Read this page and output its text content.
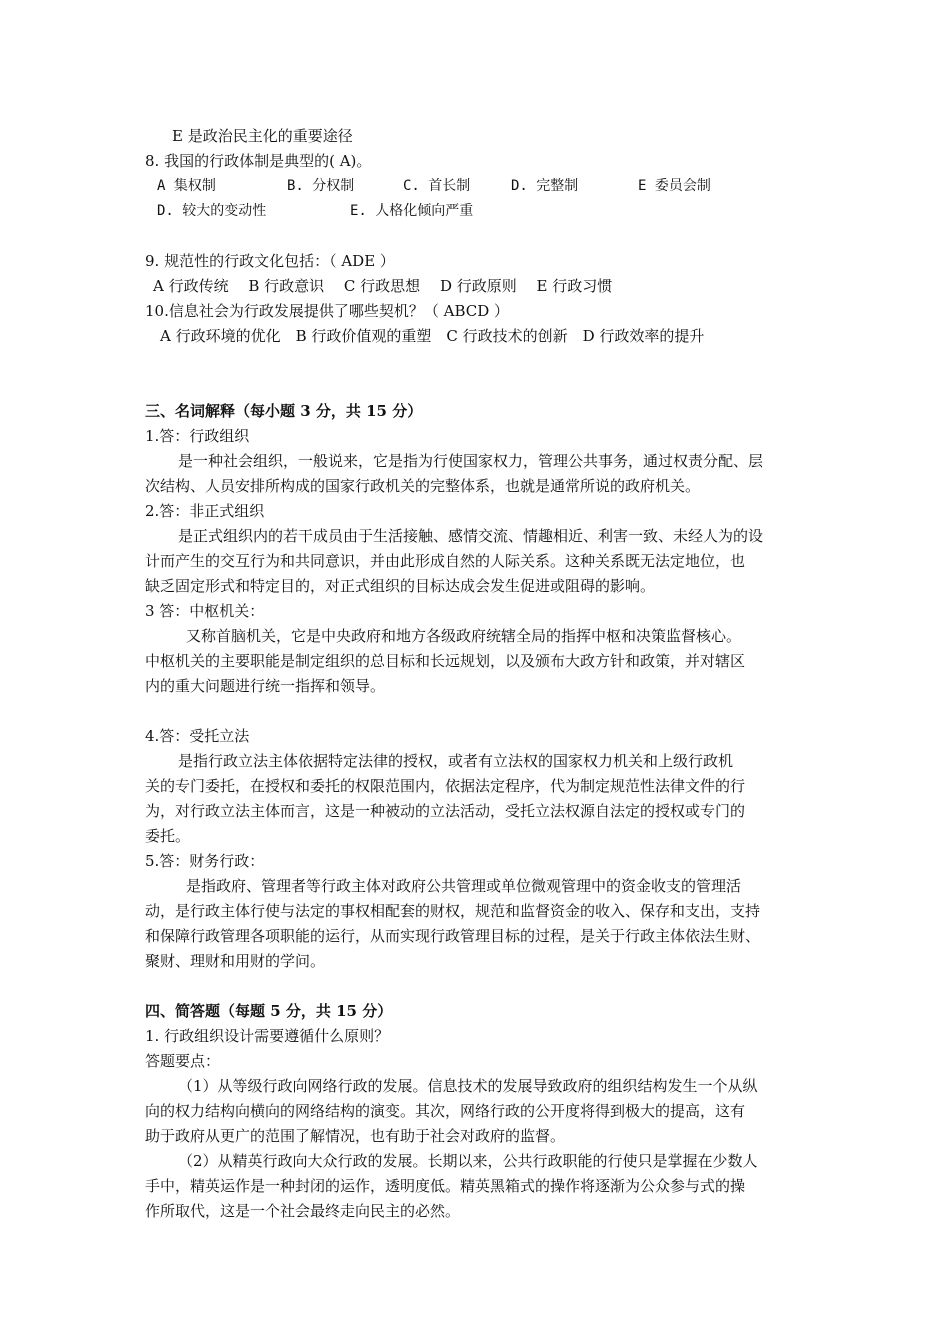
E 是政治民主化的重要途径
8. 我国的行政体制是典型的( A)。
A 集权制	B. 分权制	C. 首长制	D. 完整制	E 委员会制
D. 较大的变动性	E. 人格化倾向严重
9. 规范性的行政文化包括：（ ADE ）
A 行政传统　 B 行政意识　 C 行政思想　 D 行政原则　 E 行政习惯
10.信息社会为行政发展提供了哪些契机？（ ABCD ）
A 行政环境的优化　B 行政价值观的重塑　C 行政技术的创新　D 行政效率的提升
三、名词解释（每小题 3 分，共 15 分）
1.答：行政组织
是一种社会组织，一般说来，它是指为行使国家权力，管理公共事务，通过权责分配、层
次结构、人员安排所构成的国家行政机关的完整体系，也就是通常所说的政府机关。
2.答：非正式组织
是正式组织内的若干成员由于生活接触、感情交流、情趣相近、利害一致、未经人为的设
计而产生的交互行为和共同意识，并由此形成自然的人际关系。这种关系既无法定地位，也
缺乏固定形式和特定目的，对正式组织的目标达成会发生促进或阻碍的影响。
3 答：中枢机关：
又称首脑机关，它是中央政府和地方各级政府统辖全局的指挥中枢和决策监督核心。
中枢机关的主要职能是制定组织的总目标和长远规划，以及颁布大政方针和政策，并对辖区
内的重大问题进行统一指挥和领导。
4.答：受托立法
是指行政立法主体依据特定法律的授权，或者有立法权的国家权力机关和上级行政机
关的专门委托，在授权和委托的权限范围内，依据法定程序，代为制定规范性法律文件的行
为，对行政立法主体而言，这是一种被动的立法活动，受托立法权源自法定的授权或专门的
委托。
5.答：财务行政：
是指政府、管理者等行政主体对政府公共管理或单位微观管理中的资金收支的管理活
动，是行政主体行使与法定的事权相配套的财权，规范和监督资金的收入、保存和支出，支持
和保障行政管理各项职能的运行，从而实现行政管理目标的过程，是关于行政主体依法生财、
聚财、理财和用财的学问。
四、简答题（每题 5 分，共 15 分）
1. 行政组织设计需要遵循什么原则？
答题要点：
（1）从等级行政向网络行政的发展。信息技术的发展导致政府的组织结构发生一个从纵
向的权力结构向横向的网络结构的演变。其次，网络行政的公开度将得到极大的提高，这有
助于政府从更广的范围了解情况，也有助于社会对政府的监督。
（2）从精英行政向大众行政的发展。长期以来，公共行政职能的行使只是掌握在少数人
手中，精英运作是一种封闭的运作，透明度低。精英黑箱式的操作将逐渐为公众参与式的操
作所取代，这是一个社会最终走向民主的必然。
